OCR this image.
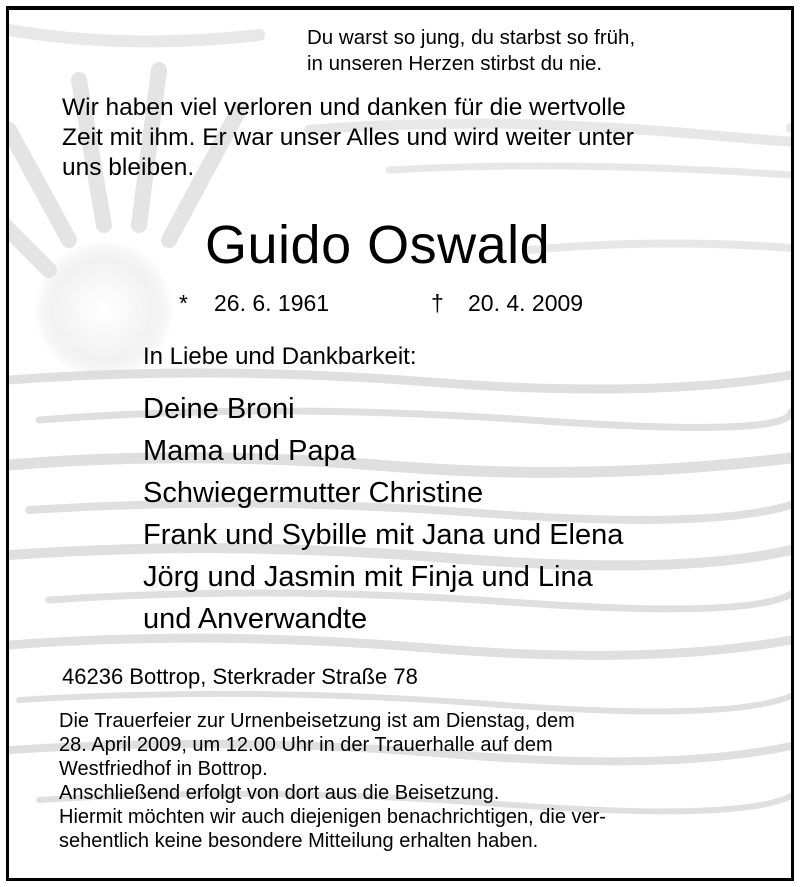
Du warst so jung, du starbst so früh,
in unseren Herzen stirbst du nie.
Wir haben viel verloren und danken für die wertvolle
Zeit mit ihm. Er war unser Alles und wird weiter unter
uns bleiben.
Guido Oswald
* 26. 6. 1961	† 20. 4. 2009
In Liebe und Dankbarkeit:
Deine Broni
Mama und Papa
Schwiegermutter Christine
Frank und Sybille mit Jana und Elena
Jörg und Jasmin mit Finja und Lina
und Anverwandte
46236 Bottrop, Sterkrader Straße 78
Die Trauerfeier zur Urnenbeisetzung ist am Dienstag, dem
28. April 2009, um 12.00 Uhr in der Trauerhalle auf dem
Westfriedhof in Bottrop.
Anschließend erfolgt von dort aus die Beisetzung.
Hiermit möchten wir auch diejenigen benachrichtigen, die ver-
sehentlich keine besondere Mitteilung erhalten haben.
